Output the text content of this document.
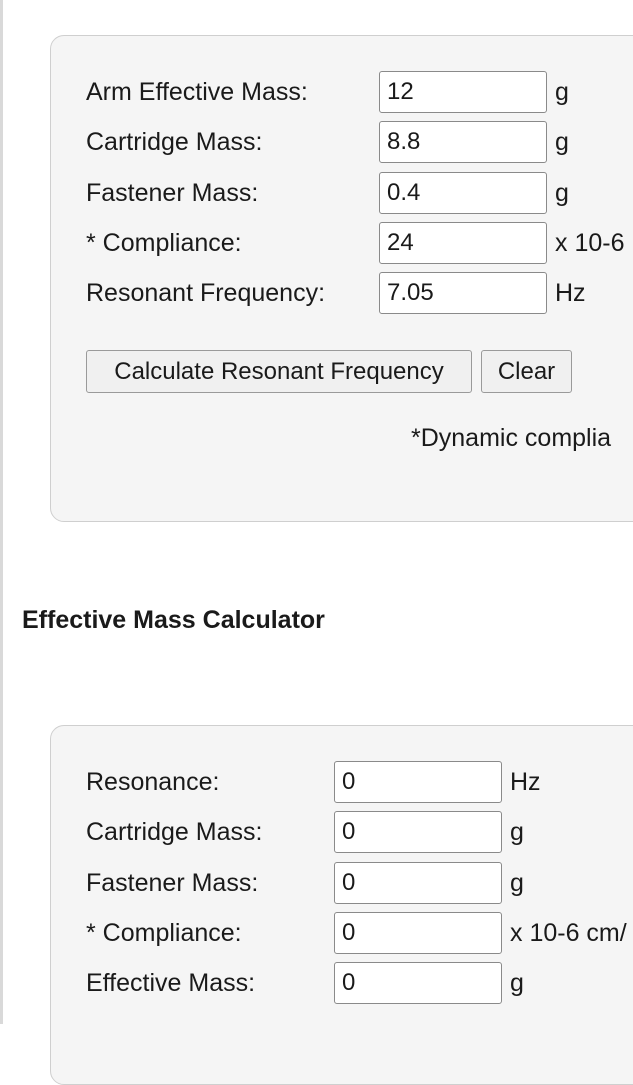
Arm Effective Mass:
12	g
Cartridge Mass:
8.8	g
Fastener Mass:
0.4	g
* Compliance:
24	x 10-6
Resonant Frequency:
7.05	Hz
Calculate Resonant Frequency	Clear
*Dynamic complia
Effective Mass Calculator
Resonance:
0	Hz
Cartridge Mass:
0	g
Fastener Mass:
0	g
* Compliance:
0	x 10-6 cm/
Effective Mass:
0	g
